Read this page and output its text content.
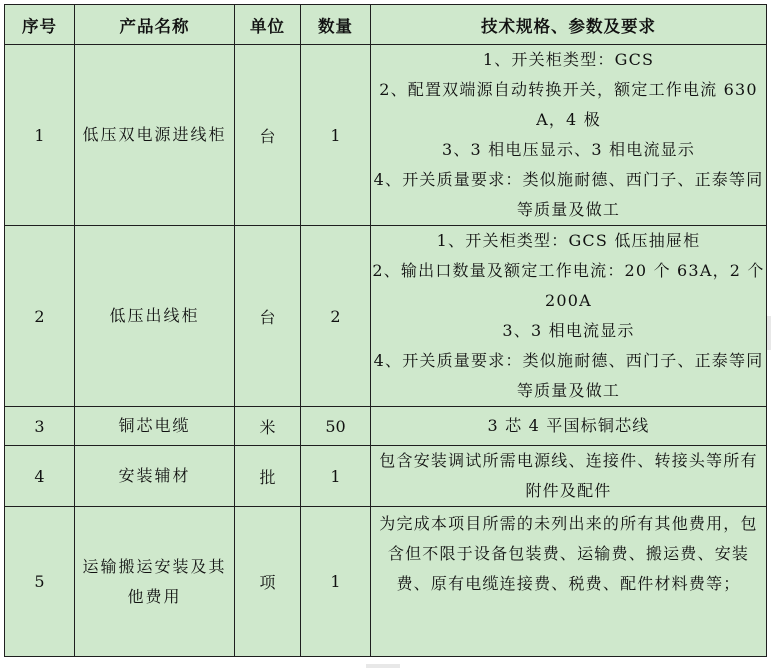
序号	产品名称	单位	数量	技术规格、参数及要求
1	低压双电源进线柜	台	1	1、开关柜类型：GCS
2、配置双端源自动转换开关，额定工作电流 630A，4 极
3、3 相电压显示、3 相电流显示
4、开关质量要求：类似施耐德、西门子、正泰等同等质量及做工

2	低压出线柜	台	2	1、开关柜类型：GCS 低压抽屉柜
2、输出口数量及额定工作电流：20 个 63A，2 个 200A
3、3 相电流显示
4、开关质量要求：类似施耐德、西门子、正泰等同等质量及做工

3	铜芯电缆	米	50	3 芯 4 平国标铜芯线

4	安装辅材	批	1	包含安装调试所需电源线、连接件、转接头等所有附件及配件

5	运输搬运安装及其他费用	项	1	为完成本项目所需的未列出来的所有其他费用，包含但不限于设备包装费、运输费、搬运费、安装费、原有电缆连接费、税费、配件材料费等；
